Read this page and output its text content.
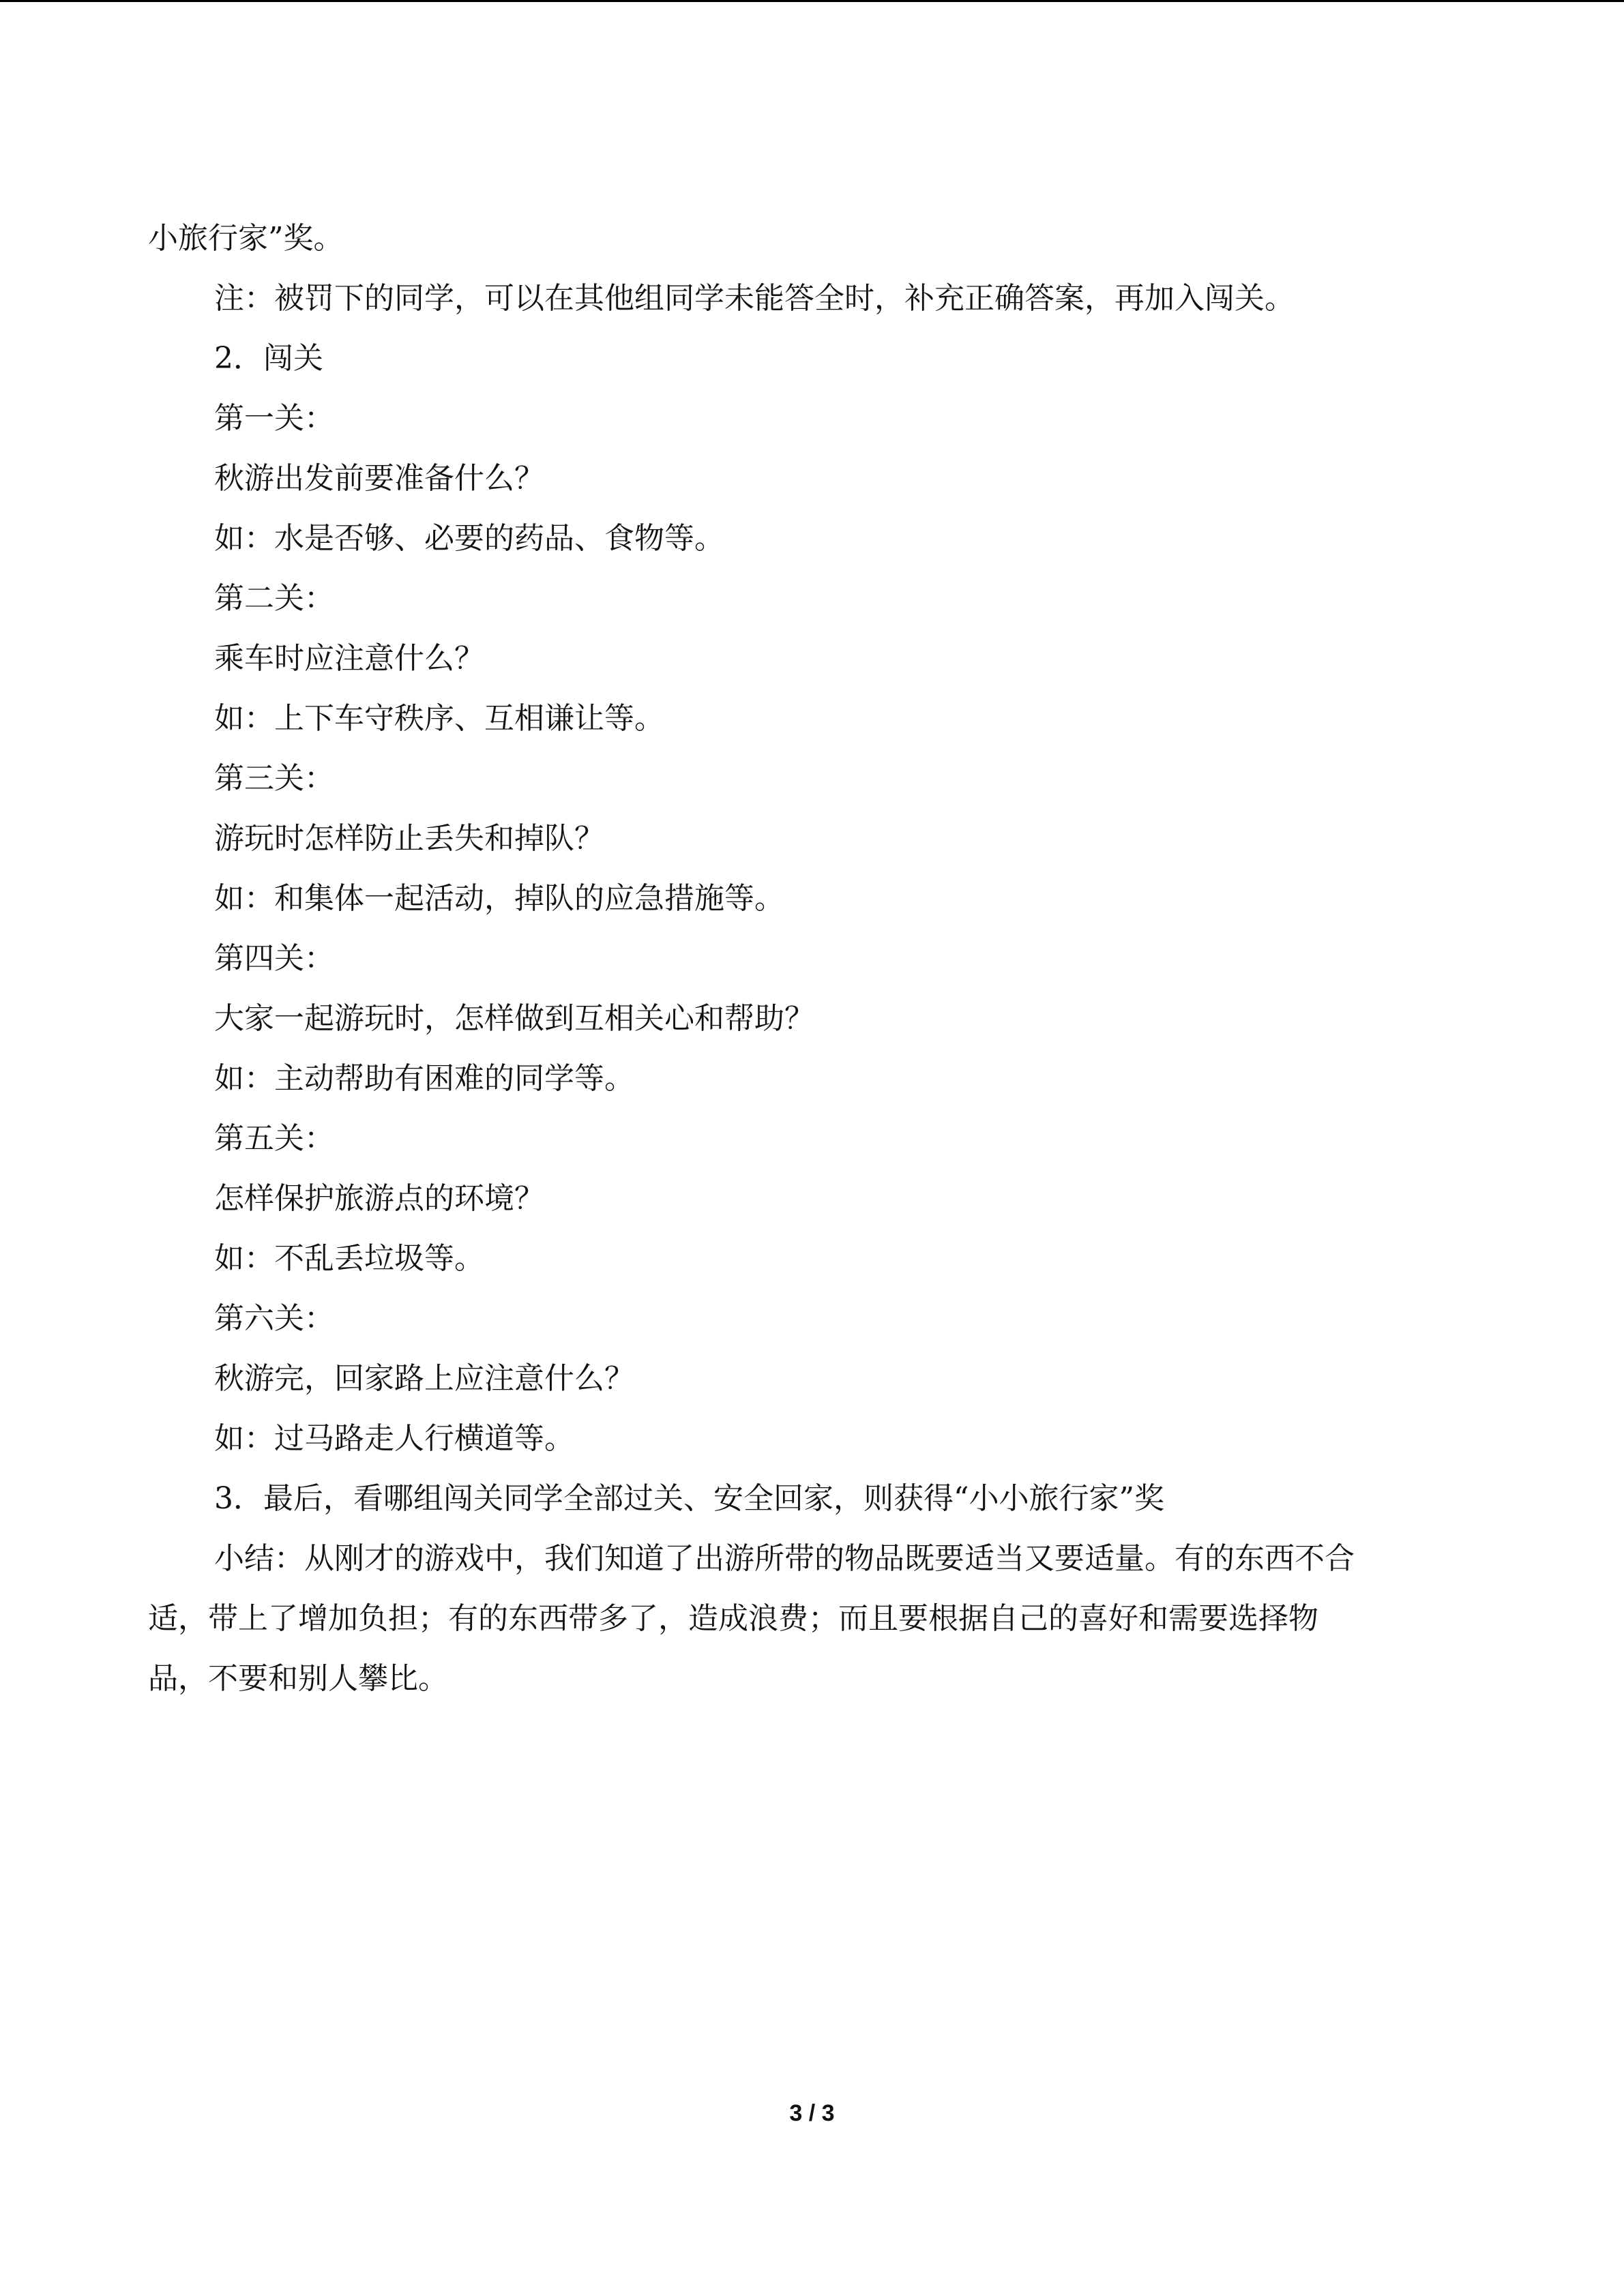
小旅行家”奖。
注：被罚下的同学，可以在其他组同学未能答全时，补充正确答案，再加入闯关。
2．闯关
第一关：
秋游出发前要准备什么？
如：水是否够、必要的药品、食物等。
第二关：
乘车时应注意什么？
如：上下车守秩序、互相谦让等。
第三关：
游玩时怎样防止丢失和掉队？
如：和集体一起活动，掉队的应急措施等。
第四关：
大家一起游玩时，怎样做到互相关心和帮助？
如：主动帮助有困难的同学等。
第五关：
怎样保护旅游点的环境？
如：不乱丢垃圾等。
第六关：
秋游完，回家路上应注意什么？
如：过马路走人行横道等。
3．最后，看哪组闯关同学全部过关、安全回家，则获得“小小旅行家”奖
小结：从刚才的游戏中，我们知道了出游所带的物品既要适当又要适量。有的东西不合
适，带上了增加负担；有的东西带多了，造成浪费；而且要根据自己的喜好和需要选择物
品，不要和别人攀比。
3 / 3
